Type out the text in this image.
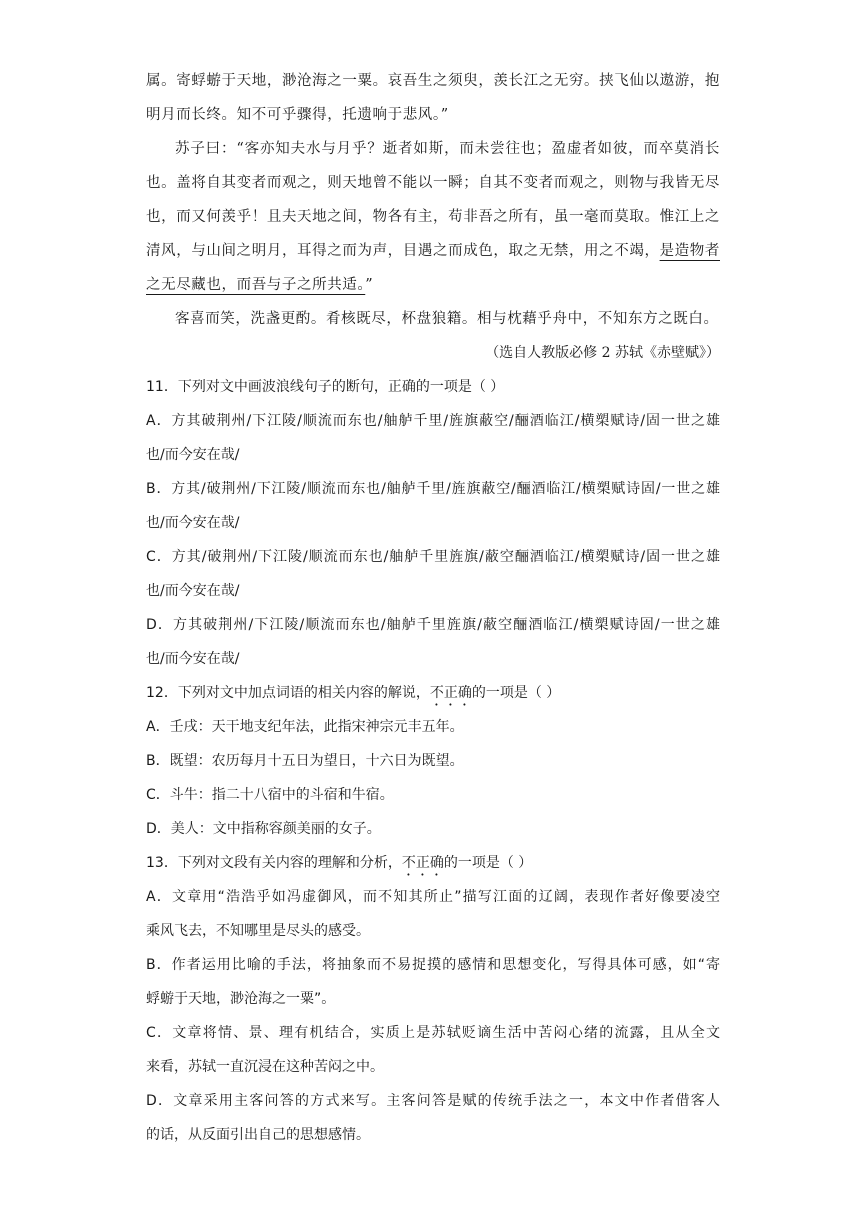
属。寄蜉蝣于天地，渺沧海之一粟。哀吾生之须臾，羡长江之无穷。挟飞仙以遨游，抱
明月而长终。知不可乎骤得，托遗响于悲风。”
苏子曰：“客亦知夫水与月乎？逝者如斯，而未尝往也；盈虚者如彼，而卒莫消长
也。盖将自其变者而观之，则天地曾不能以一瞬；自其不变者而观之，则物与我皆无尽
也，而又何羡乎！且夫天地之间，物各有主，苟非吾之所有，虽一毫而莫取。惟江上之
清风，与山间之明月，耳得之而为声，目遇之而成色，取之无禁，用之不竭，是造物者
之无尽藏也，而吾与子之所共适。”
客喜而笑，洗盏更酌。肴核既尽，杯盘狼籍。相与枕藉乎舟中，不知东方之既白。
（选自人教版必修 2 苏轼《赤壁赋》）
11．下列对文中画波浪线句子的断句，正确的一项是（ ）
A．方其破荆州/下江陵/顺流而东也/舳舻千里/旌旗蔽空/酾酒临江/横槊赋诗/固一世之雄
也/而今安在哉/
B．方其/破荆州/下江陵/顺流而东也/舳舻千里/旌旗蔽空/酾酒临江/横槊赋诗固/一世之雄
也/而今安在哉/
C．方其/破荆州/下江陵/顺流而东也/舳舻千里旌旗/蔽空酾酒临江/横槊赋诗/固一世之雄
也/而今安在哉/
D．方其破荆州/下江陵/顺流而东也/舳舻千里旌旗/蔽空酾酒临江/横槊赋诗固/一世之雄
也/而今安在哉/
12．下列对文中加点词语的相关内容的解说，不正确的一项是（ ）
A．壬戌：天干地支纪年法，此指宋神宗元丰五年。
B．既望：农历每月十五日为望日，十六日为既望。
C．斗牛：指二十八宿中的斗宿和牛宿。
D．美人：文中指称容颜美丽的女子。
13．下列对文段有关内容的理解和分析，不正确的一项是（ ）
A．文章用“浩浩乎如冯虚御风，而不知其所止”描写江面的辽阔，表现作者好像要凌空
乘风飞去，不知哪里是尽头的感受。
B．作者运用比喻的手法，将抽象而不易捉摸的感情和思想变化，写得具体可感，如“寄
蜉蝣于天地，渺沧海之一粟”。
C．文章将情、景、理有机结合，实质上是苏轼贬谪生活中苦闷心绪的流露，且从全文
来看，苏轼一直沉浸在这种苦闷之中。
D．文章采用主客问答的方式来写。主客问答是赋的传统手法之一，本文中作者借客人
的话，从反面引出自己的思想感情。
